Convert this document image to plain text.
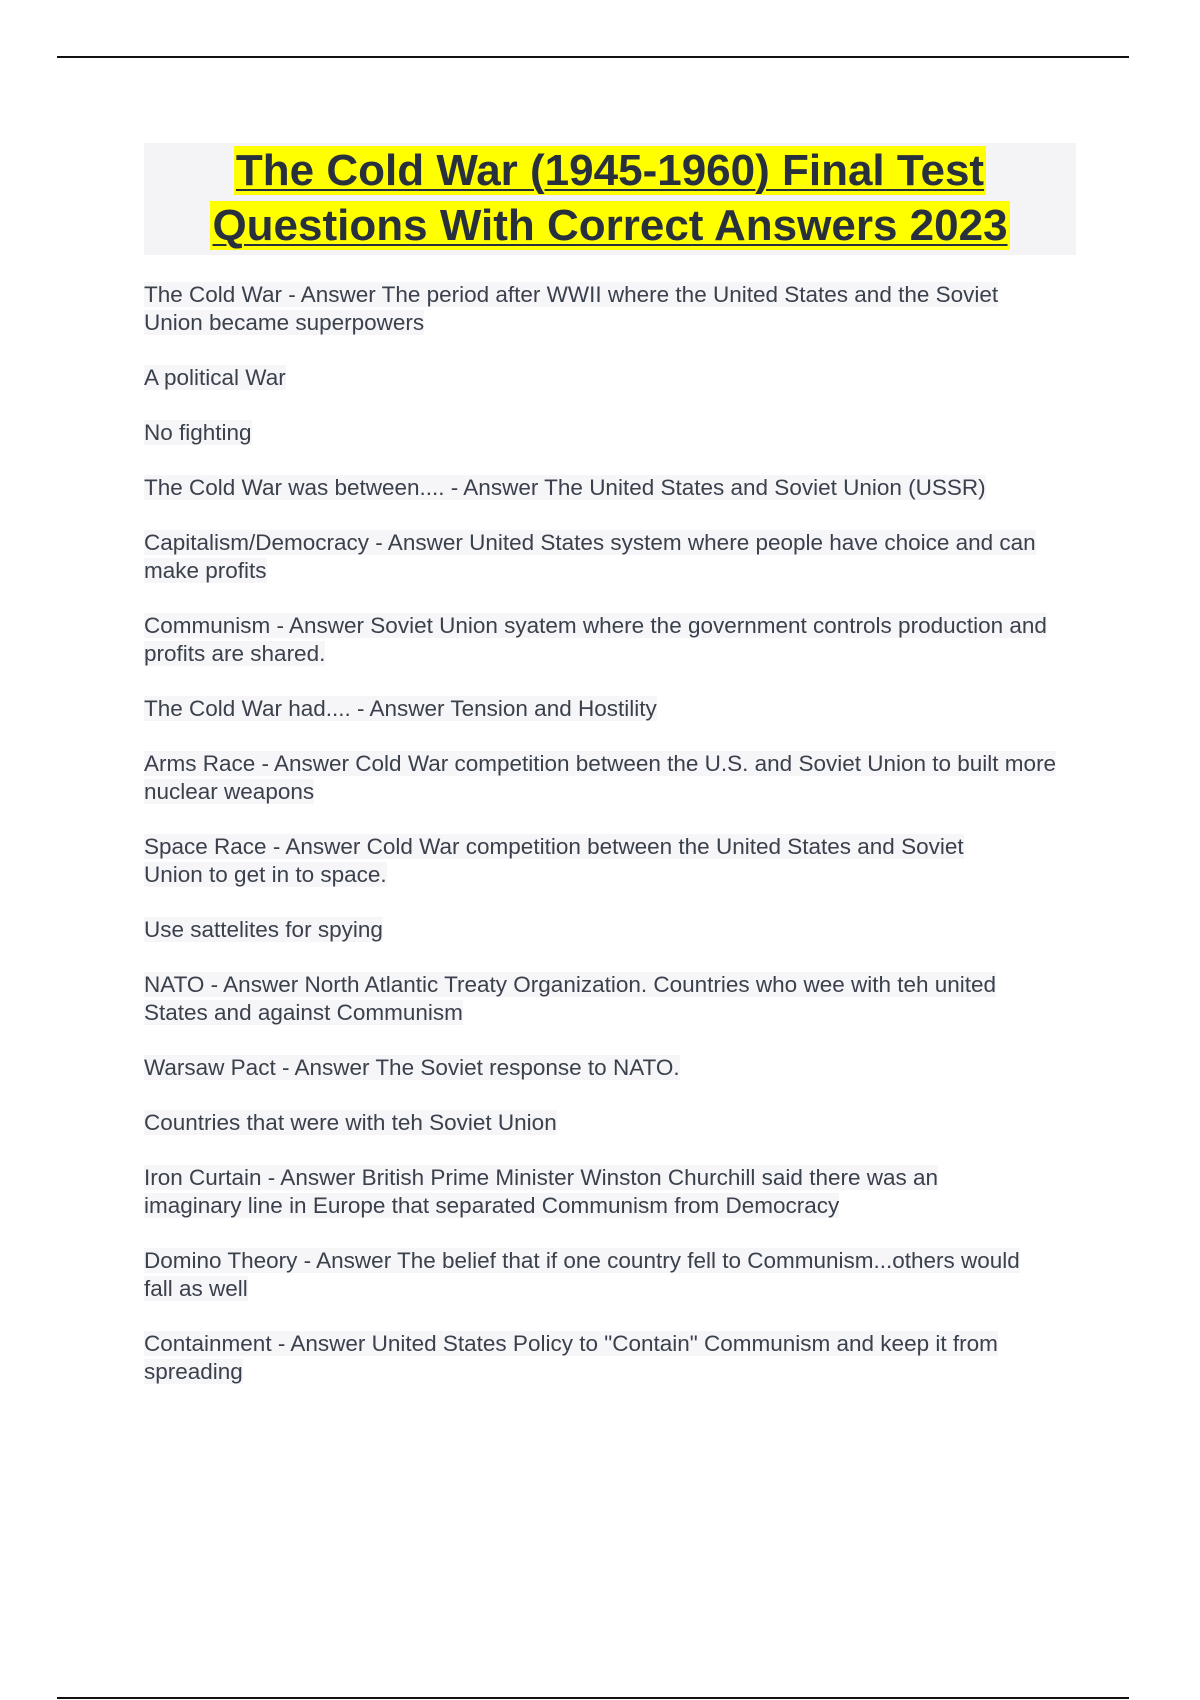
The Cold War (1945-1960) Final Test
Questions With Correct Answers 2023

The Cold War - Answer The period after WWII where the United States and the Soviet Union became superpowers

A political War

No fighting

The Cold War was between.... - Answer The United States and Soviet Union (USSR)

Capitalism/Democracy - Answer United States system where people have choice and can make profits

Communism - Answer Soviet Union syatem where the government controls production and profits are shared.

The Cold War had.... - Answer Tension and Hostility

Arms Race - Answer Cold War competition between the U.S. and Soviet Union to built more nuclear weapons

Space Race - Answer Cold War competition between the United States and Soviet Union to get in to space.

Use sattelites for spying

NATO - Answer North Atlantic Treaty Organization. Countries who wee with teh united States and against Communism

Warsaw Pact - Answer The Soviet response to NATO.

Countries that were with teh Soviet Union

Iron Curtain - Answer British Prime Minister Winston Churchill said there was an imaginary line in Europe that separated Communism from Democracy

Domino Theory - Answer The belief that if one country fell to Communism...others would fall as well

Containment - Answer United States Policy to "Contain" Communism and keep it from spreading
